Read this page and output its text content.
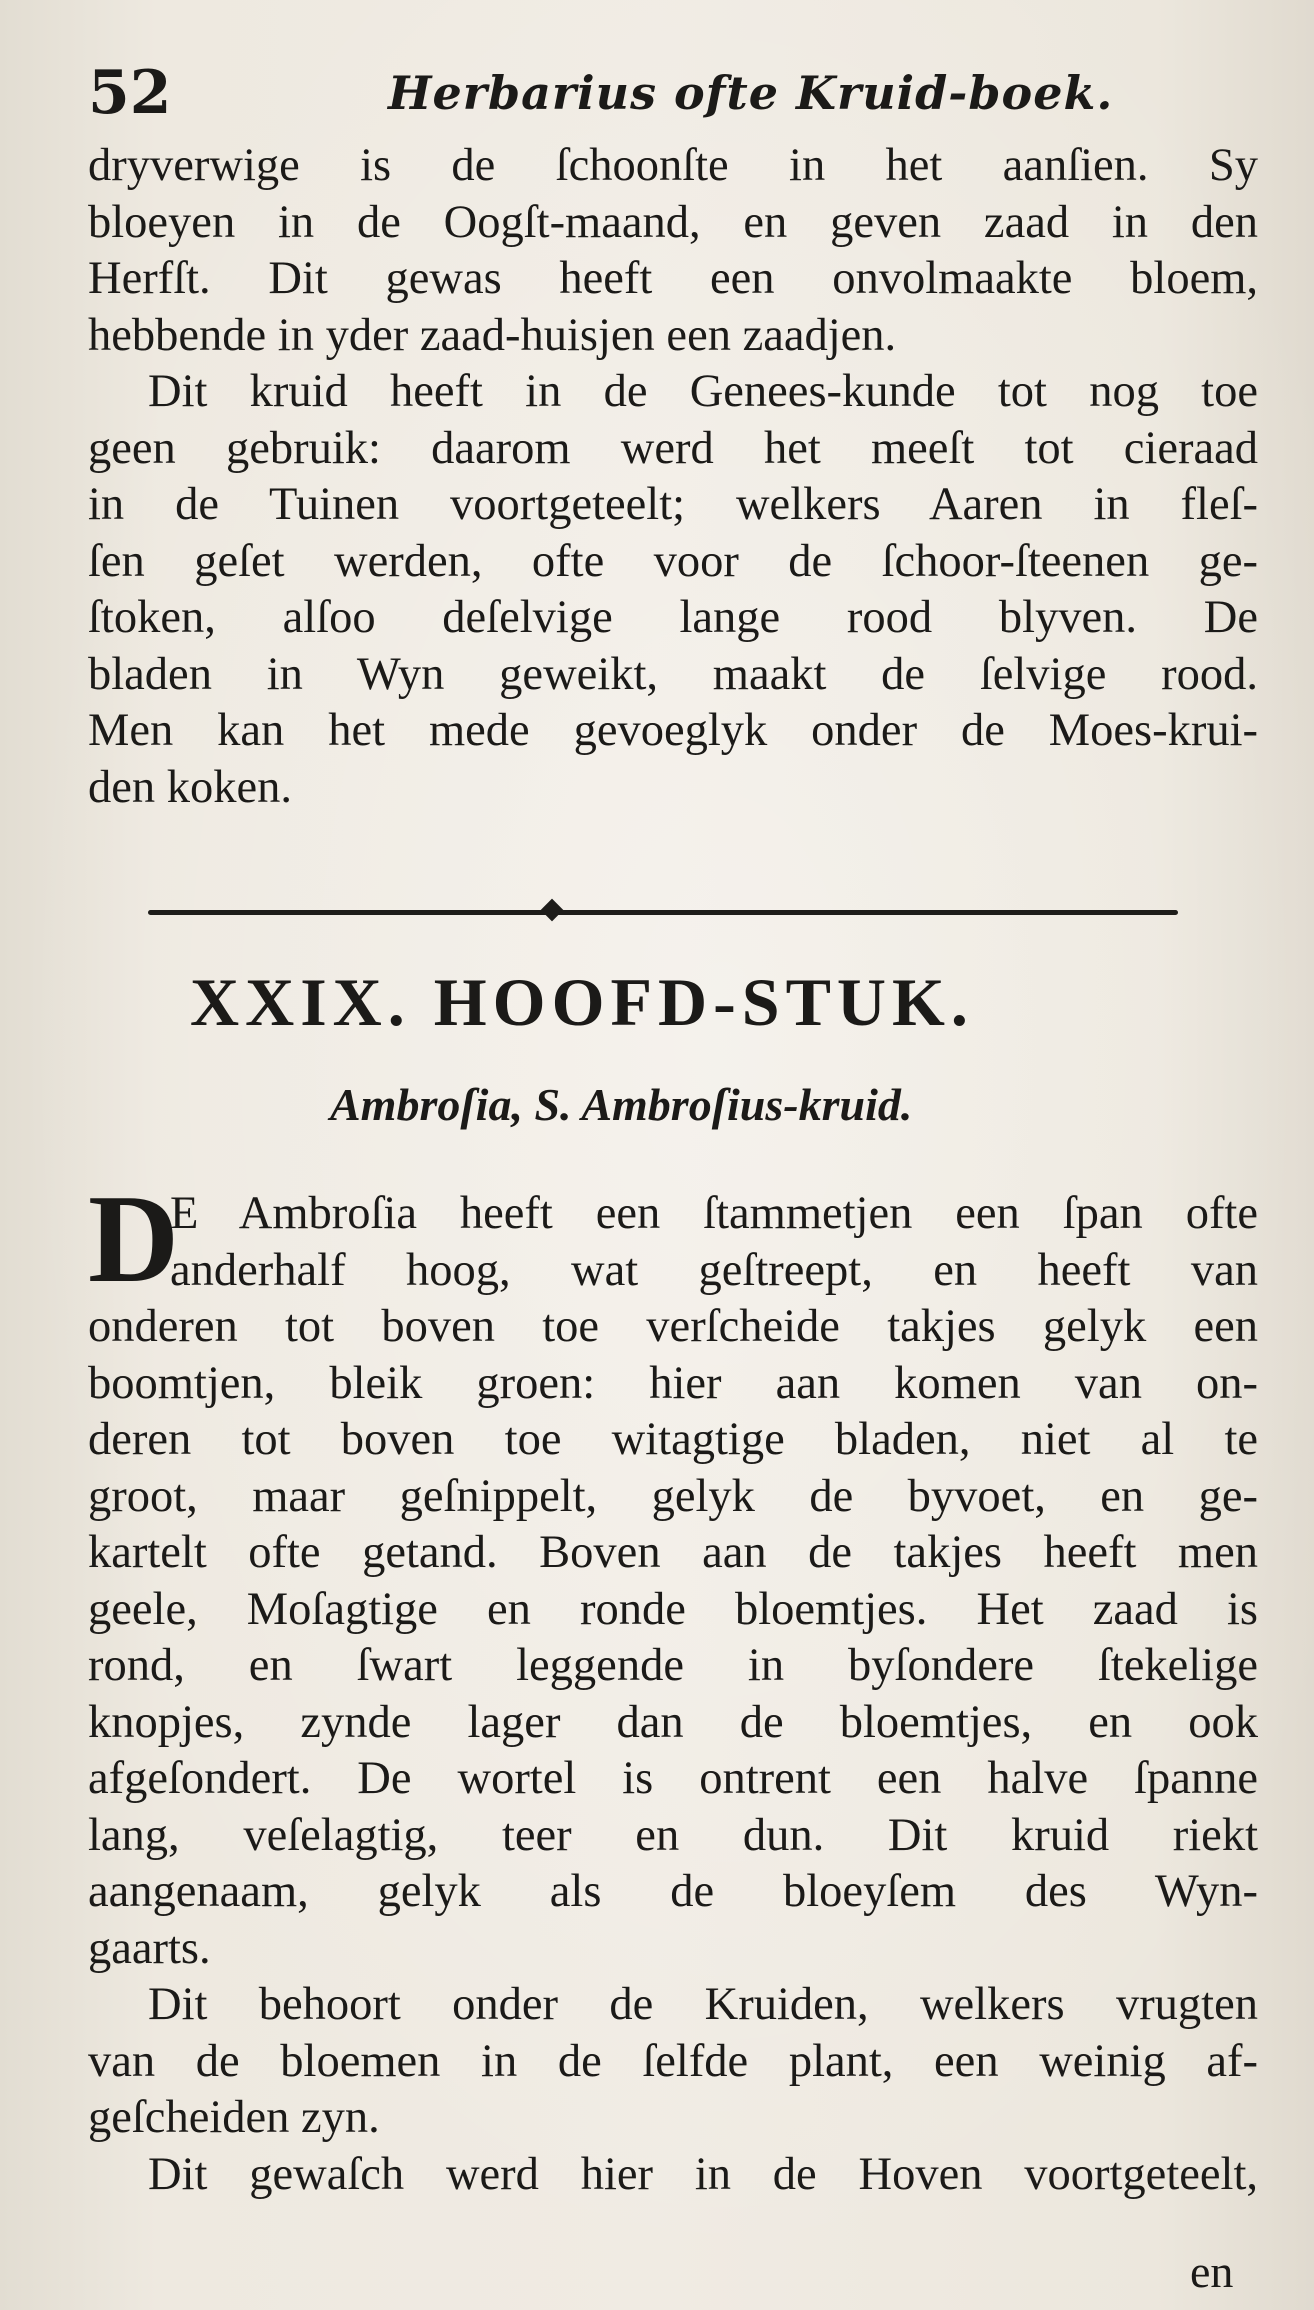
52	Herbarius ofte Kruid-boek.
dryverwige is de ſchoonſte in het aanſien. Sy
bloeyen in de Oogſt-maand, en geven zaad in den
Herfſt. Dit gewas heeft een onvolmaakte bloem,
hebbende in yder zaad-huisjen een zaadjen.
Dit kruid heeft in de Genees-kunde tot nog toe
geen gebruik: daarom werd het meeſt tot cieraad
in de Tuinen voortgeteelt; welkers Aaren in fleſ-
ſen geſet werden, ofte voor de ſchoor-ſteenen ge-
ſtoken, alſoo deſelvige lange rood blyven. De
bladen in Wyn geweikt, maakt de ſelvige rood.
Men kan het mede gevoeglyk onder de Moes-krui-
den koken.
XXIX. HOOFD-STUK.
Ambroſia, S. Ambroſius-kruid.
D
E Ambroſia heeft een ſtammetjen een ſpan ofte
anderhalf hoog, wat geſtreept, en heeft van
onderen tot boven toe verſcheide takjes gelyk een
boomtjen, bleik groen: hier aan komen van on-
deren tot boven toe witagtige bladen, niet al te
groot, maar geſnippelt, gelyk de byvoet, en ge-
kartelt ofte getand. Boven aan de takjes heeft men
geele, Moſagtige en ronde bloemtjes. Het zaad is
rond, en ſwart leggende in byſondere ſtekelige
knopjes, zynde lager dan de bloemtjes, en ook
afgeſondert. De wortel is ontrent een halve ſpanne
lang, veſelagtig, teer en dun. Dit kruid riekt
aangenaam, gelyk als de bloeyſem des Wyn-
gaarts.
Dit behoort onder de Kruiden, welkers vrugten
van de bloemen in de ſelfde plant, een weinig af-
geſcheiden zyn.
Dit gewaſch werd hier in de Hoven voortgeteelt,
en
